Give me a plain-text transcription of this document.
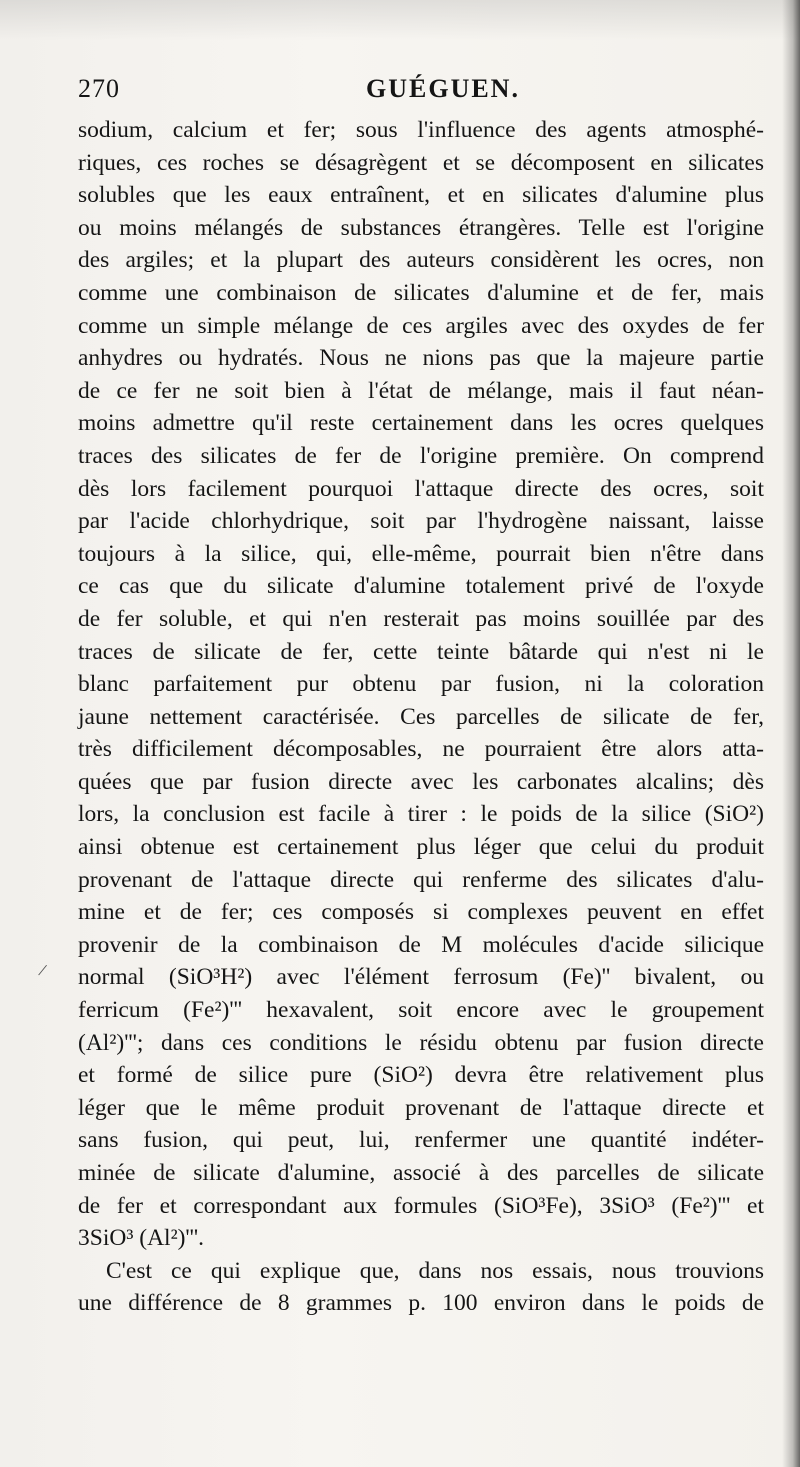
270	GUÉGUEN.
/
sodium, calcium et fer; sous l'influence des agents atmosphé-
riques, ces roches se désagrègent et se décomposent en silicates
solubles que les eaux entraînent, et en silicates d'alumine plus
ou moins mélangés de substances étrangères. Telle est l'origine
des argiles; et la plupart des auteurs considèrent les ocres, non
comme une combinaison de silicates d'alumine et de fer, mais
comme un simple mélange de ces argiles avec des oxydes de fer
anhydres ou hydratés. Nous ne nions pas que la majeure partie
de ce fer ne soit bien à l'état de mélange, mais il faut néan-
moins admettre qu'il reste certainement dans les ocres quelques
traces des silicates de fer de l'origine première. On comprend
dès lors facilement pourquoi l'attaque directe des ocres, soit
par l'acide chlorhydrique, soit par l'hydrogène naissant, laisse
toujours à la silice, qui, elle-même, pourrait bien n'être dans
ce cas que du silicate d'alumine totalement privé de l'oxyde
de fer soluble, et qui n'en resterait pas moins souillée par des
traces de silicate de fer, cette teinte bâtarde qui n'est ni le
blanc parfaitement pur obtenu par fusion, ni la coloration
jaune nettement caractérisée. Ces parcelles de silicate de fer,
très difficilement décomposables, ne pourraient être alors atta-
quées que par fusion directe avec les carbonates alcalins; dès
lors, la conclusion est facile à tirer : le poids de la silice (SiO²)
ainsi obtenue est certainement plus léger que celui du produit
provenant de l'attaque directe qui renferme des silicates d'alu-
mine et de fer; ces composés si complexes peuvent en effet
provenir de la combinaison de M molécules d'acide silicique
normal (SiO³H²) avec l'élément ferrosum (Fe)'' bivalent, ou
ferricum (Fe²)''' hexavalent, soit encore avec le groupement
(Al²)'''; dans ces conditions le résidu obtenu par fusion directe
et formé de silice pure (SiO²) devra être relativement plus
léger que le même produit provenant de l'attaque directe et
sans fusion, qui peut, lui, renfermer une quantité indéter-
minée de silicate d'alumine, associé à des parcelles de silicate
de fer et correspondant aux formules (SiO³Fe), 3SiO³ (Fe²)''' et
3SiO³ (Al²)'''.
C'est ce qui explique que, dans nos essais, nous trouvions
une différence de 8 grammes p. 100 environ dans le poids de
